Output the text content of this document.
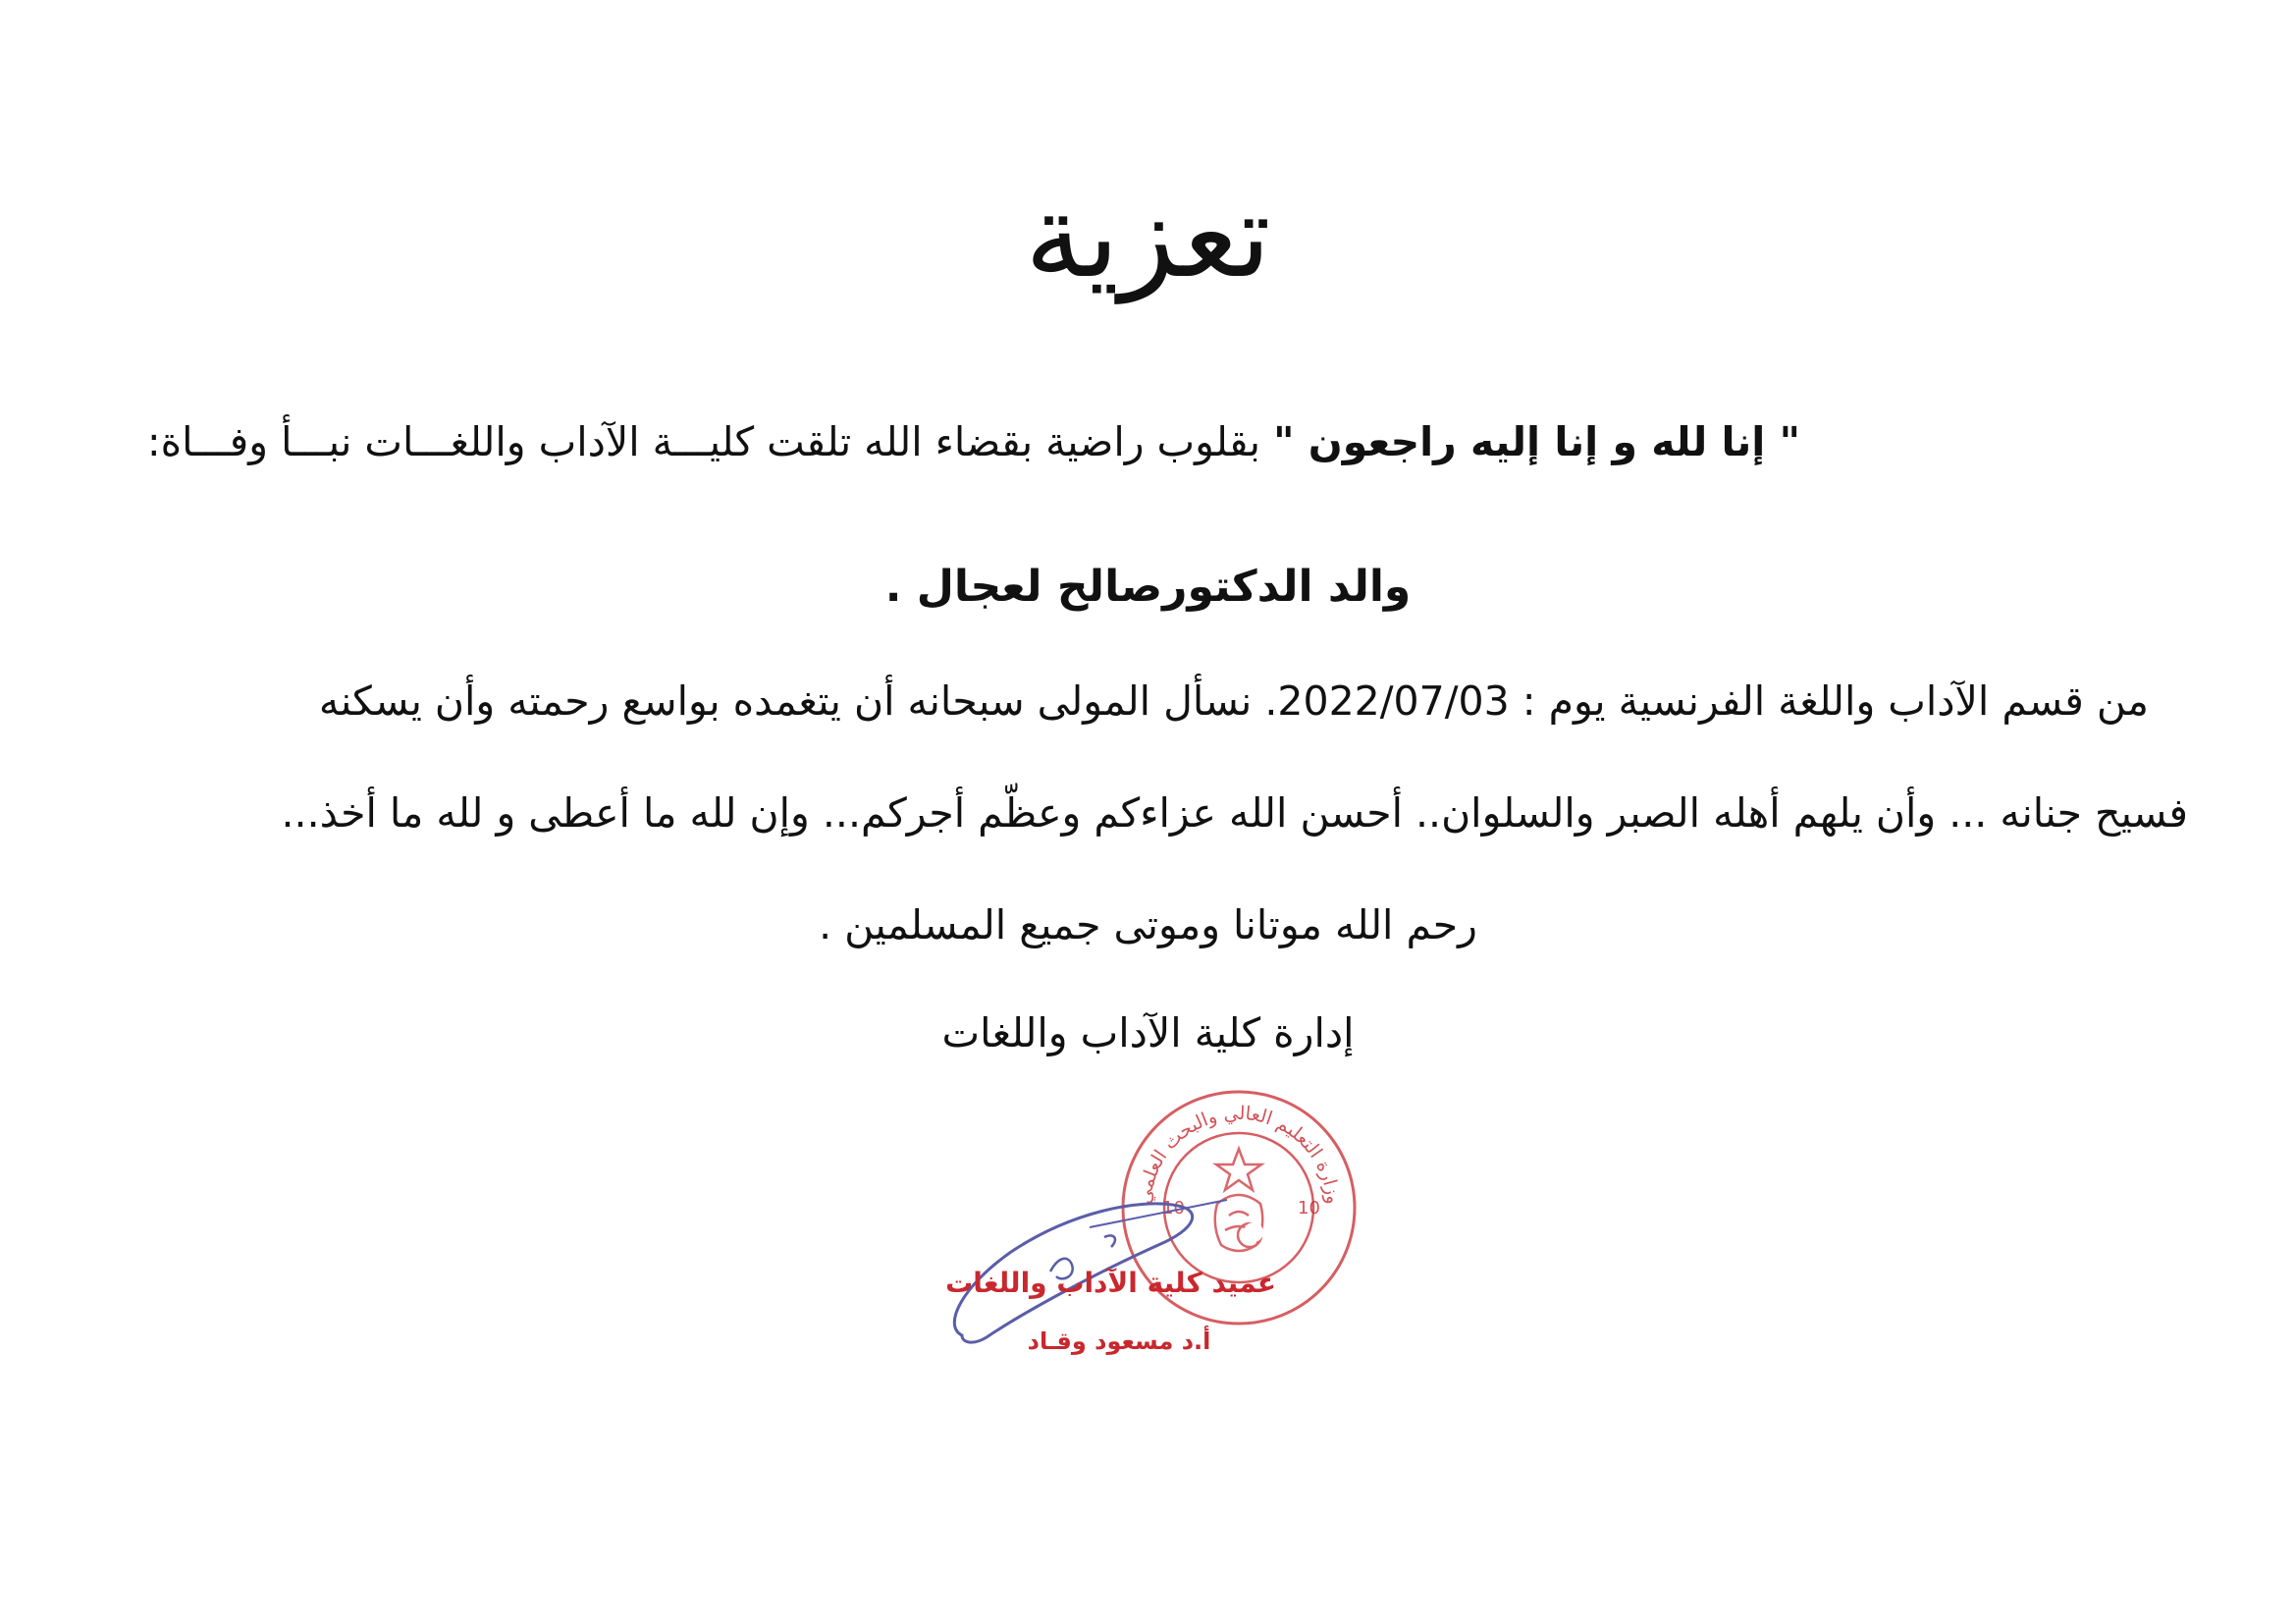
تعزية
" إنا لله و إنا إليه راجعون " بقلوب راضية بقضاء الله تلقت كليـــة الآداب واللغـــات نبـــأ وفـــاة:
والد الدكتورصالح لعجال .
من قسم الآداب واللغة الفرنسية يوم : 2022/07/03. نسأل المولى سبحانه أن يتغمده بواسع رحمته وأن يسكنه
فسيح جنانه ... وأن يلهم أهله الصبر والسلوان.. أحسن الله عزاءكم وعظّم أجركم... وإن لله ما أعطى و لله ما أخذ...
رحم الله موتانا وموتى جميع المسلمين .
إدارة كلية الآداب واللغات
وزارة التعليم العالي والبحث العلمي
10	10
عميد كلية الآداب واللغات
أ.د مسعود وقـاد
